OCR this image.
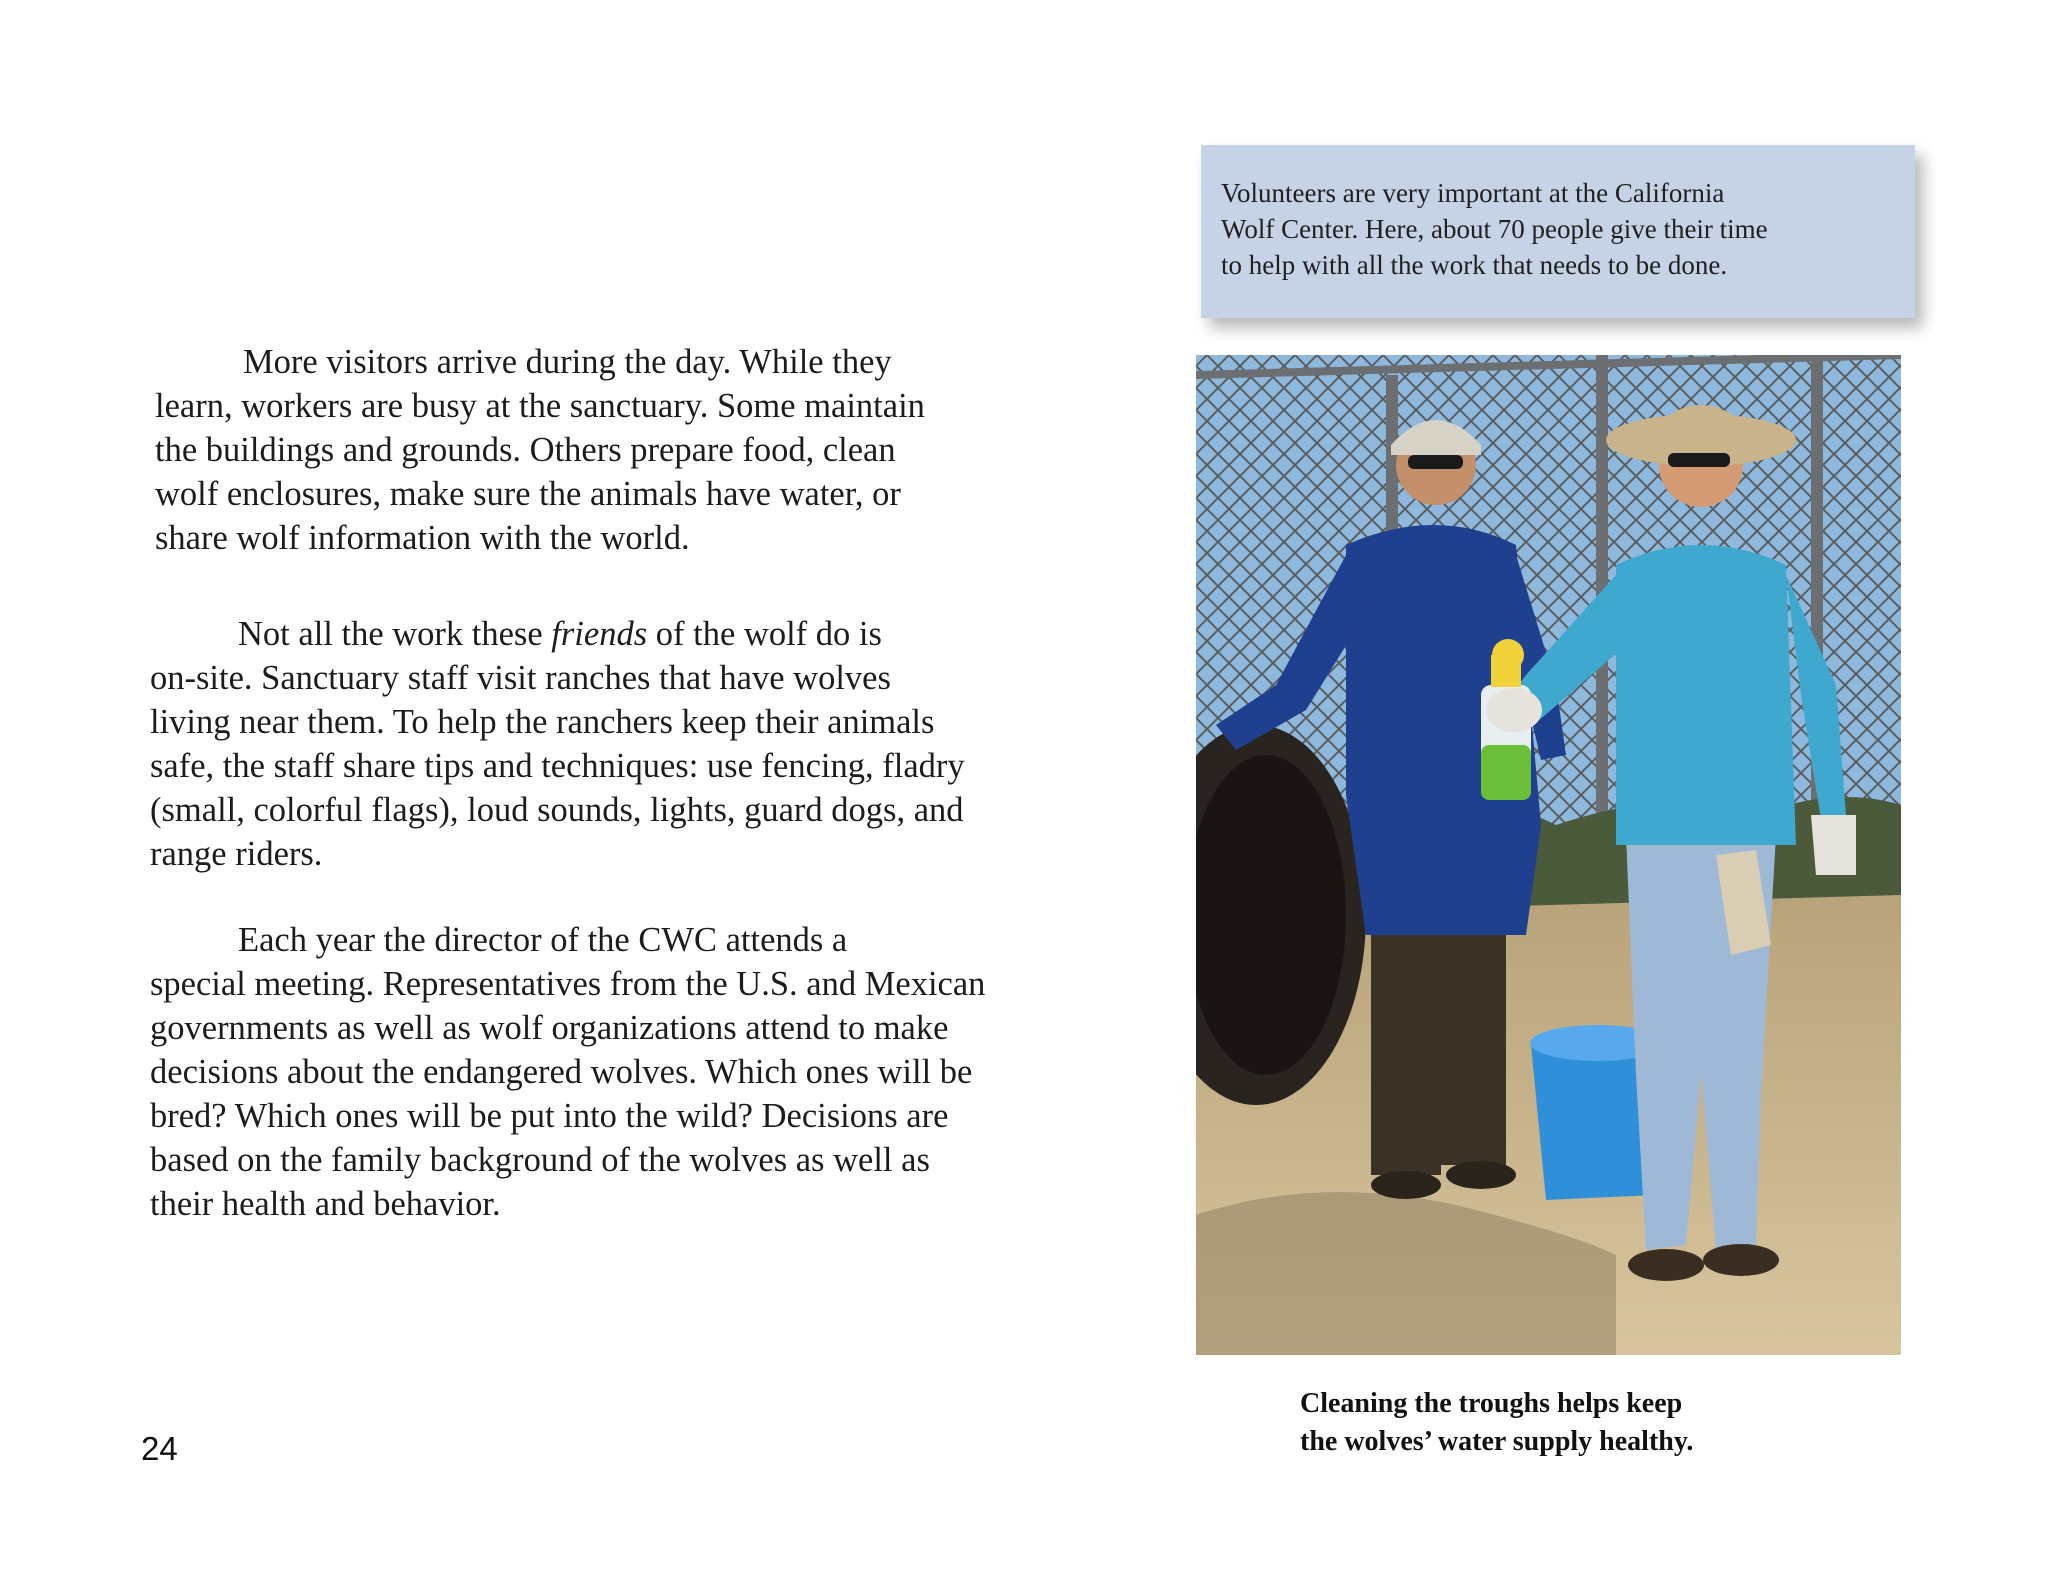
More visitors arrive during the day. While they
learn, workers are busy at the sanctuary. Some maintain
the buildings and grounds. Others prepare food, clean
wolf enclosures, make sure the animals have water, or
share wolf information with the world.

Not all the work these friends of the wolf do is
on-site. Sanctuary staff visit ranches that have wolves
living near them. To help the ranchers keep their animals
safe, the staff share tips and techniques: use fencing, fladry
(small, colorful flags), loud sounds, lights, guard dogs, and
range riders.

Each year the director of the CWC attends a
special meeting. Representatives from the U.S. and Mexican
governments as well as wolf organizations attend to make
decisions about the endangered wolves. Which ones will be
bred? Which ones will be put into the wild? Decisions are
based on the family background of the wolves as well as
their health and behavior.

Volunteers are very important at the California
Wolf Center. Here, about 70 people give their time
to help with all the work that needs to be done.
Cleaning the troughs helps keep
the wolves’ water supply healthy.
24
